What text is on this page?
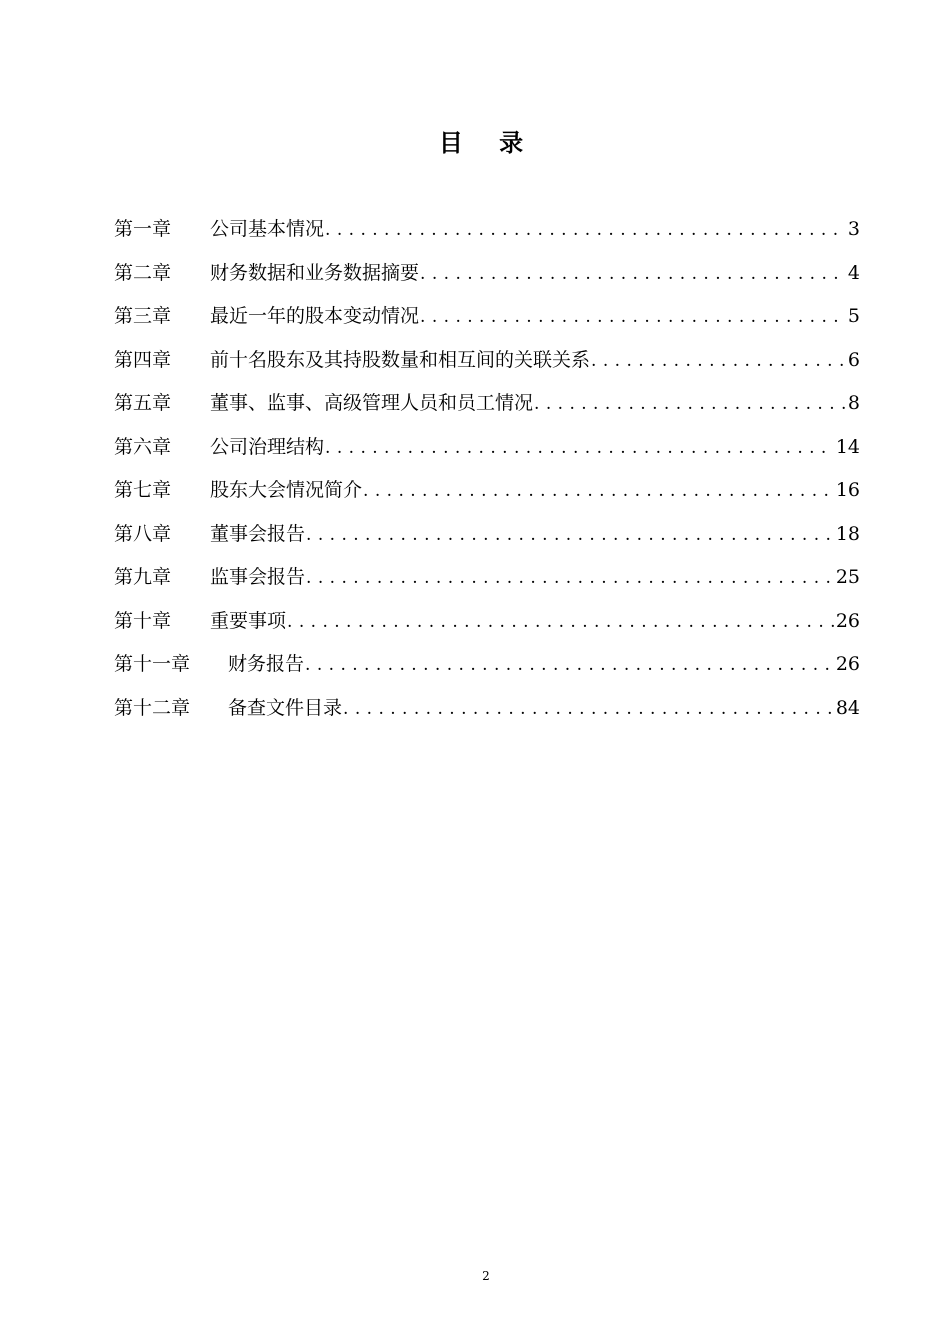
目 录
第一章	公司基本情况 . . .	3
第二章	财务数据和业务数据摘要 . . .	4
第三章	最近一年的股本变动情况 . . .	5
第四章	前十名股东及其持股数量和相互间的关联关系 . . .	6
第五章	董事、监事、高级管理人员和员工情况 . . .	8
第六章	公司治理结构 . . .	14
第七章	股东大会情况简介 . . .	16
第八章	董事会报告 . . .	18
第九章	监事会报告 . . .	25
第十章	重要事项 . . .	26
第十一章	财务报告 . . .	26
第十二章	备查文件目录 . . .	84
2
